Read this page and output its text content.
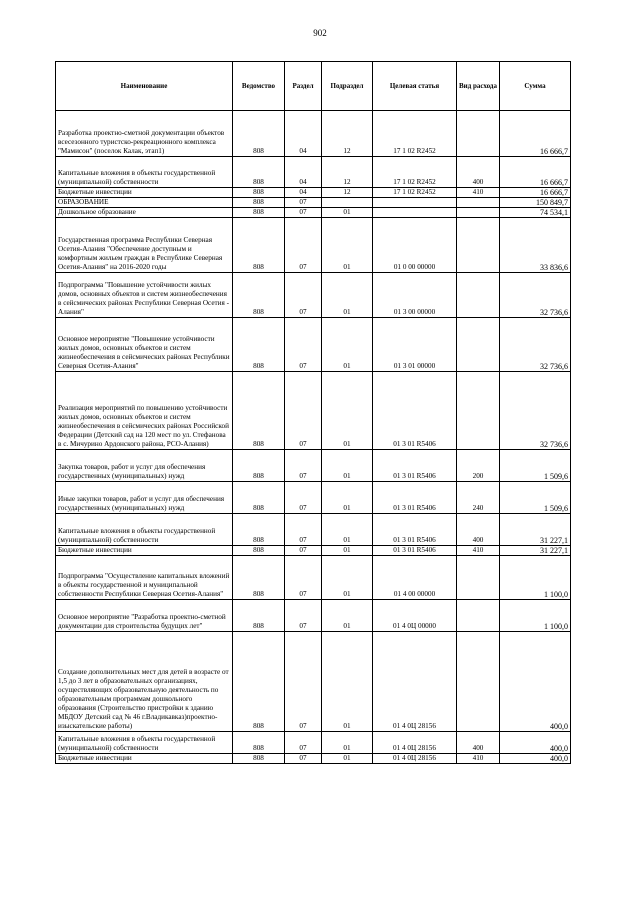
902
Наименование	Ведомство	Раздел	Подраздел	Целевая статья	Вид расхода	Сумма
Разработка проектно-сметной документации объектов всесезонного туристско-рекреационного комплекса "Мамисон" (поселок Калак, этап1)	808	04	12	17 1 02 R2452		16 666,7
Капитальные вложения в объекты государственной (муниципальной) собственности	808	04	12	17 1 02 R2452	400	16 666,7
Бюджетные инвестиции	808	04	12	17 1 02 R2452	410	16 666,7
ОБРАЗОВАНИЕ	808	07				150 849,7
Дошкольное образование	808	07	01			74 534,1
Государственная программа Республики Северная Осетия-Алания "Обеспечение доступным и комфортным жильем граждан в Республике Северная Осетия-Алания" на 2016-2020 годы	808	07	01	01 0 00 00000		33 836,6
Подпрограмма "Повышение устойчивости жилых домов, основных объектов и систем жизнеобеспечения в сейсмических районах Республики Северная Осетия - Алания"	808	07	01	01 3 00 00000		32 736,6
Основное мероприятие "Повышение устойчивости жилых домов, основных объектов и систем жизнеобеспечения в сейсмических районах Республики Северная Осетия-Алания"	808	07	01	01 3 01 00000		32 736,6
Реализация мероприятий по повышению устойчивости жилых домов, основных объектов и систем жизнеобеспечения в сейсмических районах Российской Федерации (Детский сад на 120 мест по ул. Стефанова в с. Мичурино Ардонского района, РСО-Алания)	808	07	01	01 3 01 R5406		32 736,6
Закупка товаров, работ и услуг для обеспечения государственных (муниципальных) нужд	808	07	01	01 3 01 R5406	200	1 509,6
Иные закупки товаров, работ и услуг для обеспечения государственных (муниципальных) нужд	808	07	01	01 3 01 R5406	240	1 509,6
Капитальные вложения в объекты государственной (муниципальной) собственности	808	07	01	01 3 01 R5406	400	31 227,1
Бюджетные инвестиции	808	07	01	01 3 01 R5406	410	31 227,1
Подпрограмма "Осуществление капитальных вложений в объекты государственной и муниципальной собственности Республики Северная Осетия-Алания"	808	07	01	01 4 00 00000		1 100,0
Основное мероприятие "Разработка проектно-сметной документации для строительства будущих лет"	808	07	01	01 4 0Ц 00000		1 100,0
Создание дополнительных мест для детей в возрасте от 1,5 до 3 лет в образовательных организациях, осуществляющих образовательную деятельность по образовательным программам дошкольного образования (Строительство пристройки к зданию МБДОУ Детский сад № 46 г.Владикавказ)проектно-изыскательские работы)	808	07	01	01 4 0Ц 28156		400,0
Капитальные вложения в объекты государственной (муниципальной) собственности	808	07	01	01 4 0Ц 28156	400	400,0
Бюджетные инвестиции	808	07	01	01 4 0Ц 28156	410	400,0
